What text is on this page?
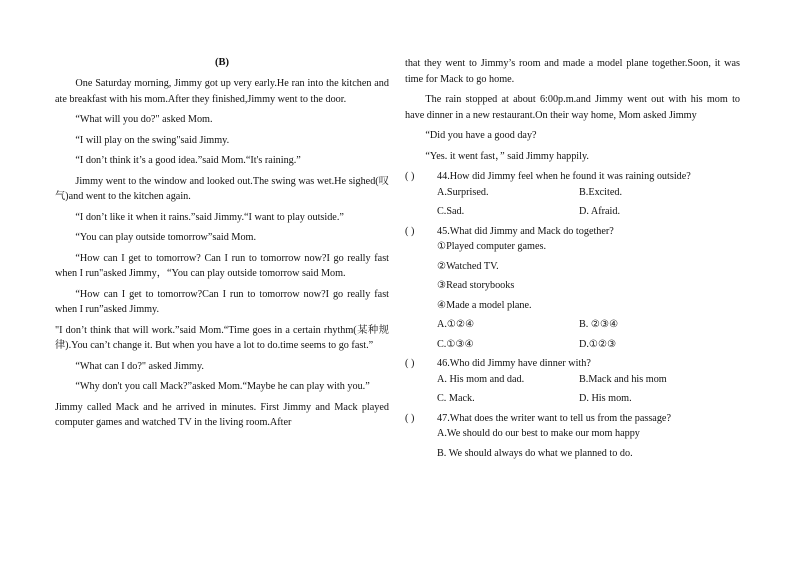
(B)

One Saturday morning, Jimmy got up very early.He ran into the kitchen and ate breakfast with his mom.After they finished,Jimmy went to the door.

“What will you do?" asked Mom.

“I will play on the swing"said Jimmy.

“I don’t think it’s a good idea.”said Mom.“It's raining.”

Jimmy went to the window and looked out.The swing was wet.He sighed(叹气)and went to the kitchen again.

“I don’t like it when it rains.”said Jimmy.“I want to play outside.”

“You can play outside tomorrow”said Mom.

“How can I get to tomorrow? Can I run to tomorrow now?I go really fast when I run"asked Jimmy，“You can play outside tomorrow said Mom.

“How can I get to tomorrow?Can I run to tomorrow now?I go really fast when I run”asked Jimmy.

"I don’t think that will work.”said Mom.“Time goes in a certain rhythm(某种规律).You can’t change it. But when you have a lot to do.time seems to go fast.”

“What can I do?" asked Jimmy.

“Why don't you call Mack?”asked Mom.“Maybe he can play with you.”

Jimmy called Mack and he arrived in minutes. First Jimmy and Mack played computer games and watched TV in the living room.After

that they went to Jimmy’s room and made a model plane together.Soon, it was time for Mack to go home.

The rain stopped at about 6:00p.m.and Jimmy went out with his mom to have dinner in a new restaurant.On their way home, Mom asked Jimmy

“Did you have a good day?

“Yes. it went fast，” said Jimmy happily.

( ) 44.How did Jimmy feel when he found it was raining outside?

A.Surprised.	B.Excited.
C.Sad.	D. Afraid.

( ) 45.What did Jimmy and Mack do together?

①Played computer games.
②Watched TV.
③Read storybooks
④Made a model plane.
A.①②④	B. ②③④
C.①③④	D.①②③

( ) 46.Who did Jimmy have dinner with?

A. His mom and dad.	B.Mack and his mom
C. Mack.	D. His mom.

( ) 47.What does the writer want to tell us from the passage?

A.We should do our best to make our mom happy
B. We should always do what we planned to do.
